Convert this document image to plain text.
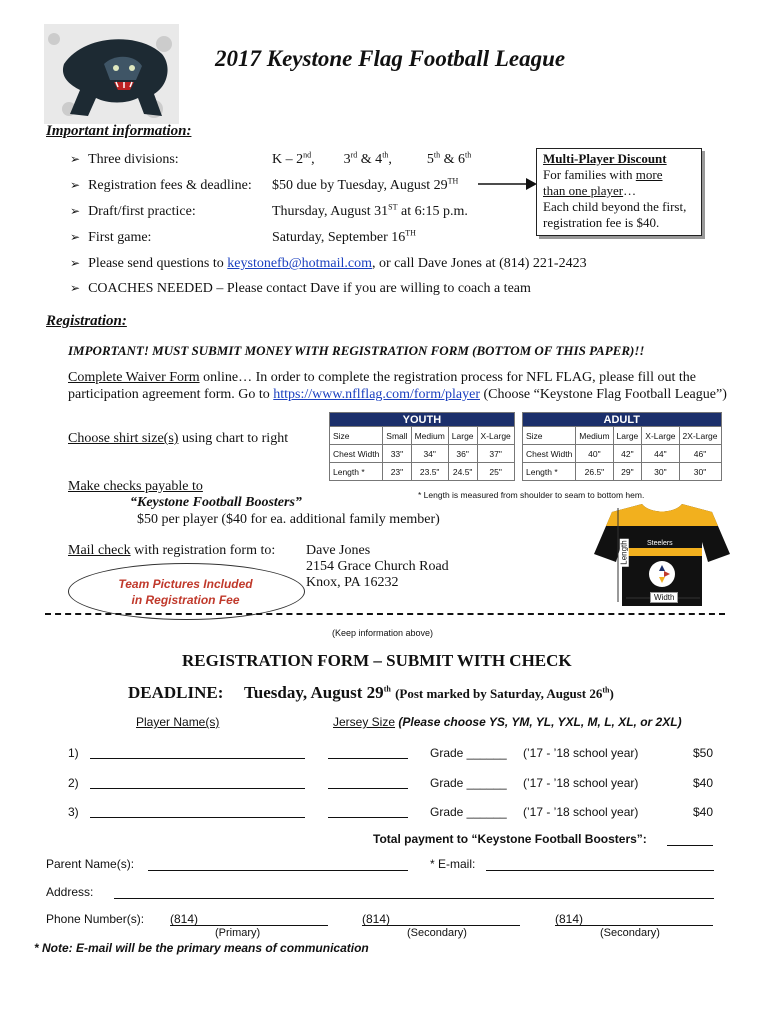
2017 Keystone Flag Football League
Important information:
➢ Three divisions:	K – 2nd, 3rd & 4th,	5th & 6th
➢ Registration fees & deadline: $50 due by Tuesday, August 29TH
➢ Draft/first practice:	Thursday, August 31ST at 6:15 p.m.
➢ First game:	Saturday, September 16TH
➢ Please send questions to keystonefb@hotmail.com, or call Dave Jones at (814) 221-2423
➢ COACHES NEEDED – Please contact Dave if you are willing to coach a team
Multi-Player Discount
For families with more
than one player…
Each child beyond the first,
registration fee is $40.
Registration:
IMPORTANT! MUST SUBMIT MONEY WITH REGISTRATION FORM (BOTTOM OF THIS PAPER)!!
Complete Waiver Form online… In order to complete the registration process for NFL FLAG, please fill out the
participation agreement form. Go to https://www.nflflag.com/form/player (Choose “Keystone Flag Football League”)
Choose shirt size(s) using chart to right
YOUTH				
Size	Small	Medium	Large	X-Large
Chest Width	33"	34"	36"	37"
Length *	23"	23.5"	24.5"	25"
ADULT				
Size	Medium	Large	X-Large	2X-Large
Chest Width	40"	42"	44"	46"
Length *	26.5"	29"	30"	30"
* Length is measured from shoulder to seam to bottom hem.
Make checks payable to
“Keystone Football Boosters”
$50 per player ($40 for ea. additional family member)
Mail check with registration form to: Dave Jones
2154 Grace Church Road
Knox, PA 16232
Team Pictures Included
in Registration Fee
Steelers
Length
Width
(Keep information above)
REGISTRATION FORM – SUBMIT WITH CHECK
DEADLINE: Tuesday, August 29th (Post marked by Saturday, August 26th)
Player Name(s)	Jersey Size (Please choose YS, YM, YL, YXL, M, L, XL, or 2XL)
1)	Grade ______ (’17 - ’18 school year)	$50
2)	Grade ______ (’17 - ’18 school year)	$40
3)	Grade ______ (’17 - ’18 school year)	$40
Total payment to “Keystone Football Boosters”:
Parent Name(s):	* E-mail:
Address:
Phone Number(s): (814)
(Primary)
(814)
(Secondary)
(814)
(Secondary)
* Note: E-mail will be the primary means of communication
